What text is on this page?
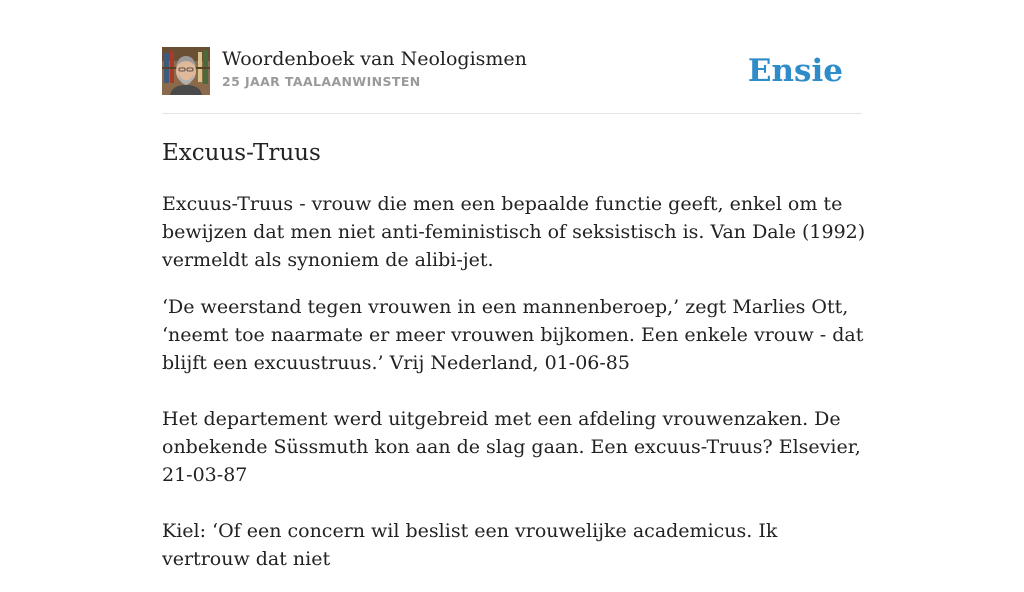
Woordenboek van Neologismen
25 JAAR TAALAANWINSTEN	Ensie
Excuus-Truus

Excuus-Truus - vrouw die men een bepaalde functie geeft, enkel om te bewijzen dat men niet anti-feministisch of seksistisch is. Van Dale (1992) vermeldt als synoniem de alibi-jet.

‘De weerstand tegen vrouwen in een mannenberoep,’ zegt Marlies Ott, ‘neemt toe naarmate er meer vrouwen bijkomen. Een enkele vrouw - dat blijft een excuustruus.’ Vrij Nederland, 01-06-85

Het departement werd uitgebreid met een afdeling vrouwenzaken. De onbekende Süssmuth kon aan de slag gaan. Een excuus-Truus? Elsevier, 21-03-87

Kiel: ‘Of een concern wil beslist een vrouwelijke academicus. Ik vertrouw dat niet
